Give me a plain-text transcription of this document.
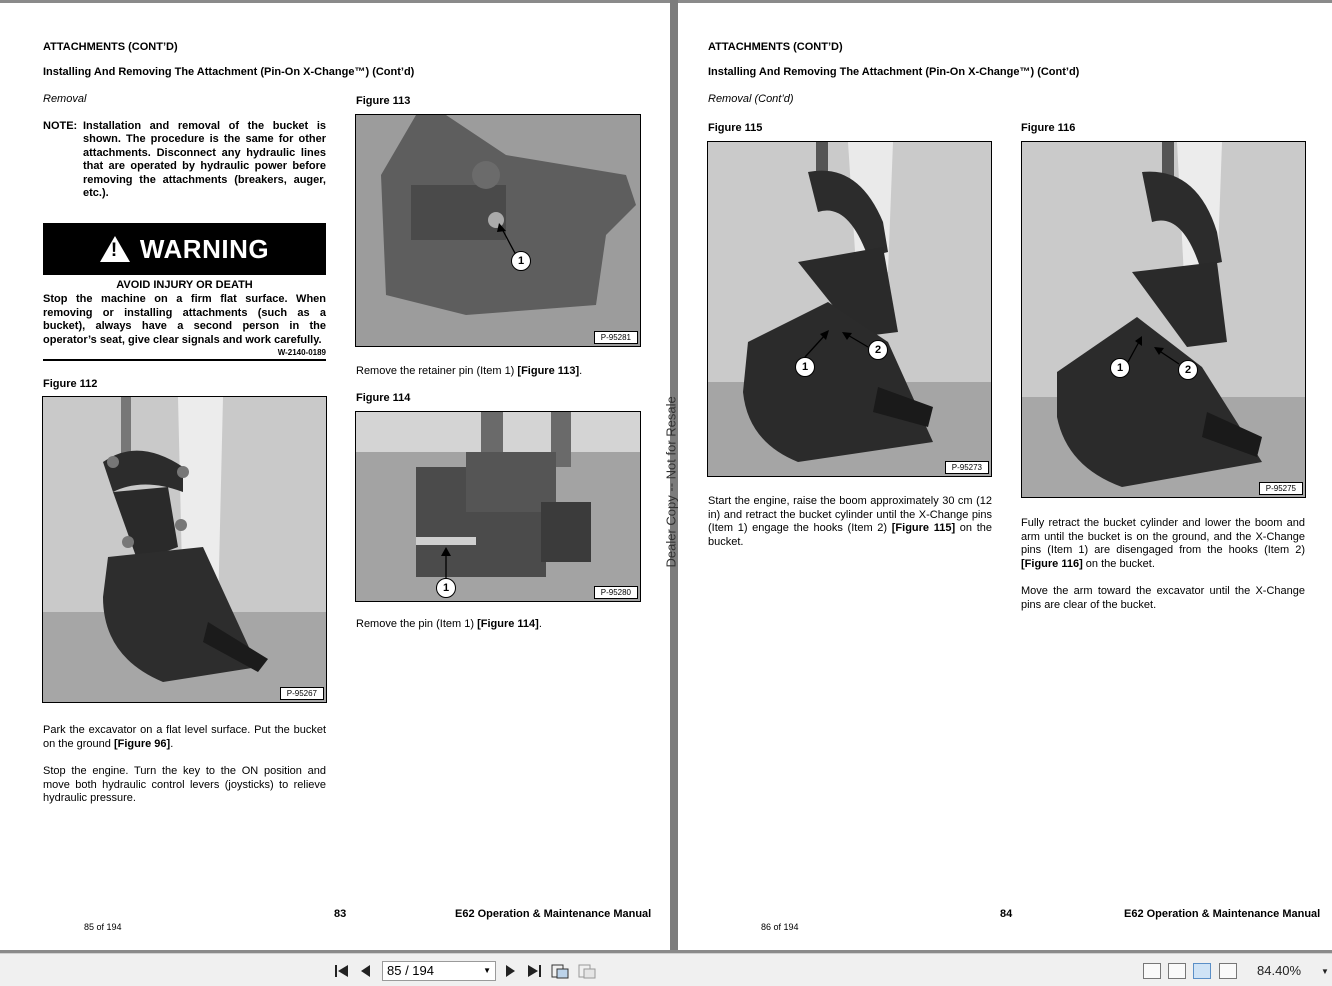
ATTACHMENTS (CONT’D)
Installing And Removing The Attachment (Pin-On X-Change™) (Cont’d)
Removal
NOTE: Installation and removal of the bucket is shown. The procedure is the same for other attachments. Disconnect any hydraulic lines that are operated by hydraulic power before removing the attachments (breakers, auger, etc.).
!
WARNING
AVOID INJURY OR DEATH
Stop the machine on a firm flat surface. When removing or installing attachments (such as a bucket), always have a second person in the operator’s seat, give clear signals and work carefully.
W-2140-0189
Figure 112
P-95267
Park the excavator on a flat level surface. Put the bucket on the ground [Figure 96].
Stop the engine. Turn the key to the ON position and move both hydraulic control levers (joysticks) to relieve hydraulic pressure.
Figure 113
1
P-95281
Remove the retainer pin (Item 1) [Figure 113].
Figure 114
1	P-95280
Remove the pin (Item 1) [Figure 114].
83	E62 Operation & Maintenance Manual
85 of 194
Dealer Copy -- Not for Resale
ATTACHMENTS (CONT’D)
Installing And Removing The Attachment (Pin-On X-Change™) (Cont’d)
Removal (Cont’d)
Figure 115
1
2
P-95273
Start the engine, raise the boom approximately 30 cm (12 in) and retract the bucket cylinder until the X-Change pins (Item 1) engage the hooks (Item 2) [Figure 115] on the bucket.
Figure 116
1	2
P-95275
Fully retract the bucket cylinder and lower the boom and arm until the bucket is on the ground, and the X-Change pins (Item 1) are disengaged from the hooks (Item 2) [Figure 116] on the bucket.
Move the arm toward the excavator until the X-Change pins are clear of the bucket.
84	E62 Operation & Maintenance Manual
86 of 194
85 / 194	▼	84.40%	▼
